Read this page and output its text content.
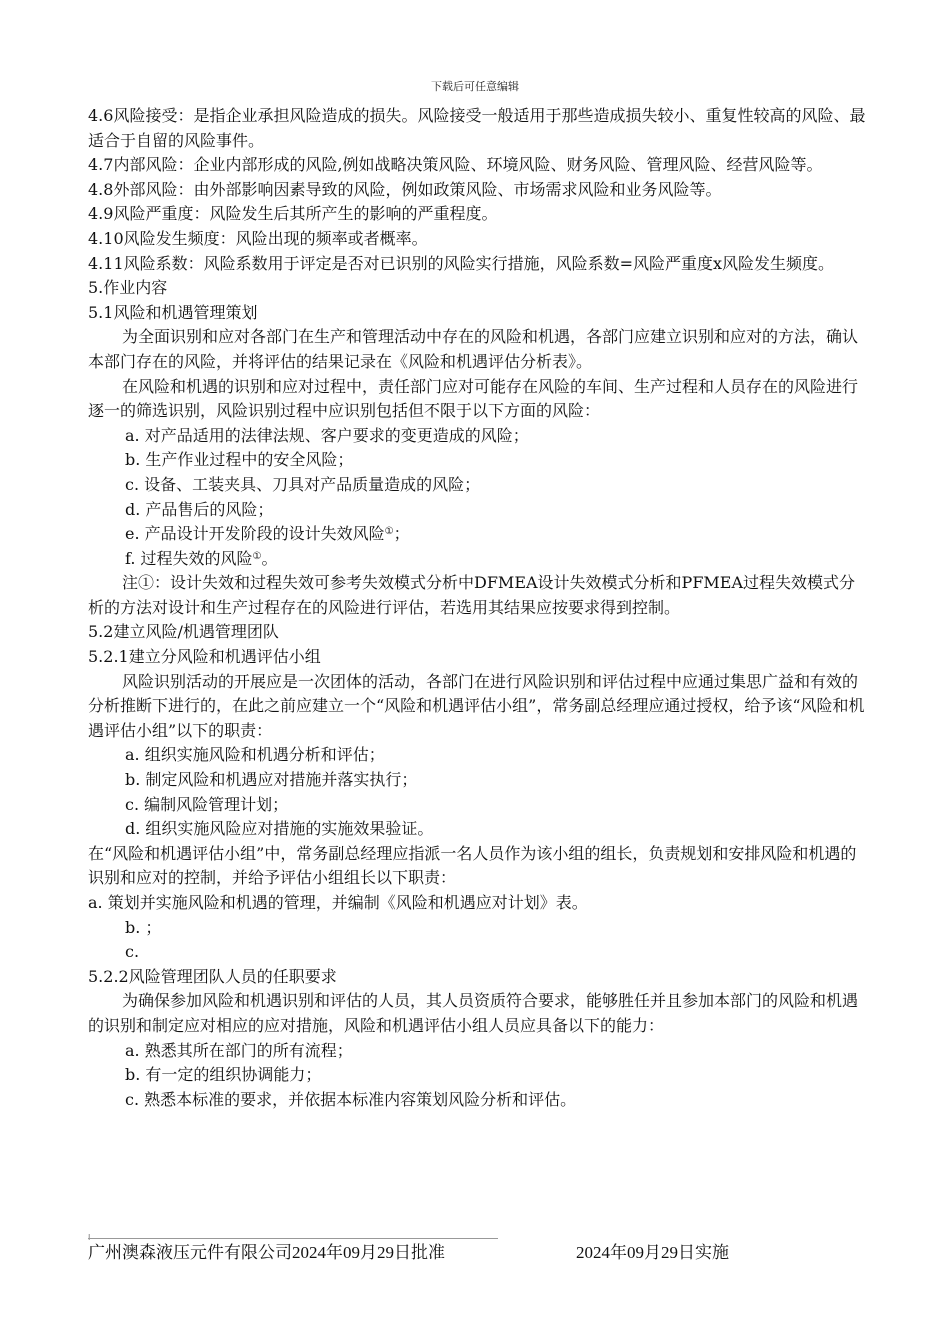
下载后可任意编辑

4.6风险接受：是指企业承担风险造成的损失。风险接受一般适用于那些造成损失较小、重复性较高的风险、最适合于自留的风险事件。

4.7内部风险：企业内部形成的风险,例如战略决策风险、环境风险、财务风险、管理风险、经营风险等。

4.8外部风险：由外部影响因素导致的风险，例如政策风险、市场需求风险和业务风险等。

4.9风险严重度：风险发生后其所产生的影响的严重程度。

4.10风险发生频度：风险出现的频率或者概率。

4.11风险系数：风险系数用于评定是否对已识别的风险实行措施，风险系数=风险严重度x风险发生频度。

5.作业内容

5.1风险和机遇管理策划

为全面识别和应对各部门在生产和管理活动中存在的风险和机遇，各部门应建立识别和应对的方法，确认本部门存在的风险，并将评估的结果记录在《风险和机遇评估分析表》。

在风险和机遇的识别和应对过程中，责任部门应对可能存在风险的车间、生产过程和人员存在的风险进行逐一的筛选识别，风险识别过程中应识别包括但不限于以下方面的风险：

a. 对产品适用的法律法规、客户要求的变更造成的风险；

b. 生产作业过程中的安全风险；

c. 设备、工装夹具、刀具对产品质量造成的风险；

d. 产品售后的风险；

e. 产品设计开发阶段的设计失效风险①；

f. 过程失效的风险①。

注①：设计失效和过程失效可参考失效模式分析中DFMEA设计失效模式分析和PFMEA过程失效模式分析的方法对设计和生产过程存在的风险进行评估，若选用其结果应按要求得到控制。

5.2建立风险/机遇管理团队

5.2.1建立分风险和机遇评估小组

风险识别活动的开展应是一次团体的活动，各部门在进行风险识别和评估过程中应通过集思广益和有效的分析推断下进行的，在此之前应建立一个“风险和机遇评估小组”，常务副总经理应通过授权，给予该“风险和机遇评估小组”以下的职责：

a. 组织实施风险和机遇分析和评估；

b. 制定风险和机遇应对措施并落实执行；

c. 编制风险管理计划；

d. 组织实施风险应对措施的实施效果验证。

在“风险和机遇评估小组”中，常务副总经理应指派一名人员作为该小组的组长，负责规划和安排风险和机遇的识别和应对的控制，并给予评估小组组长以下职责：

a. 策划并实施风险和机遇的管理，并编制《风险和机遇应对计划》表。

b. ；

c.

5.2.2风险管理团队人员的任职要求

为确保参加风险和机遇识别和评估的人员，其人员资质符合要求，能够胜任并且参加本部门的风险和机遇的识别和制定应对相应的应对措施，风险和机遇评估小组人员应具备以下的能力：

a. 熟悉其所在部门的所有流程；

b. 有一定的组织协调能力；

c. 熟悉本标准的要求，并依据本标准内容策划风险分析和评估。

I
广州澳森液压元件有限公司2024年09月29日批准	2024年09月29日实施
